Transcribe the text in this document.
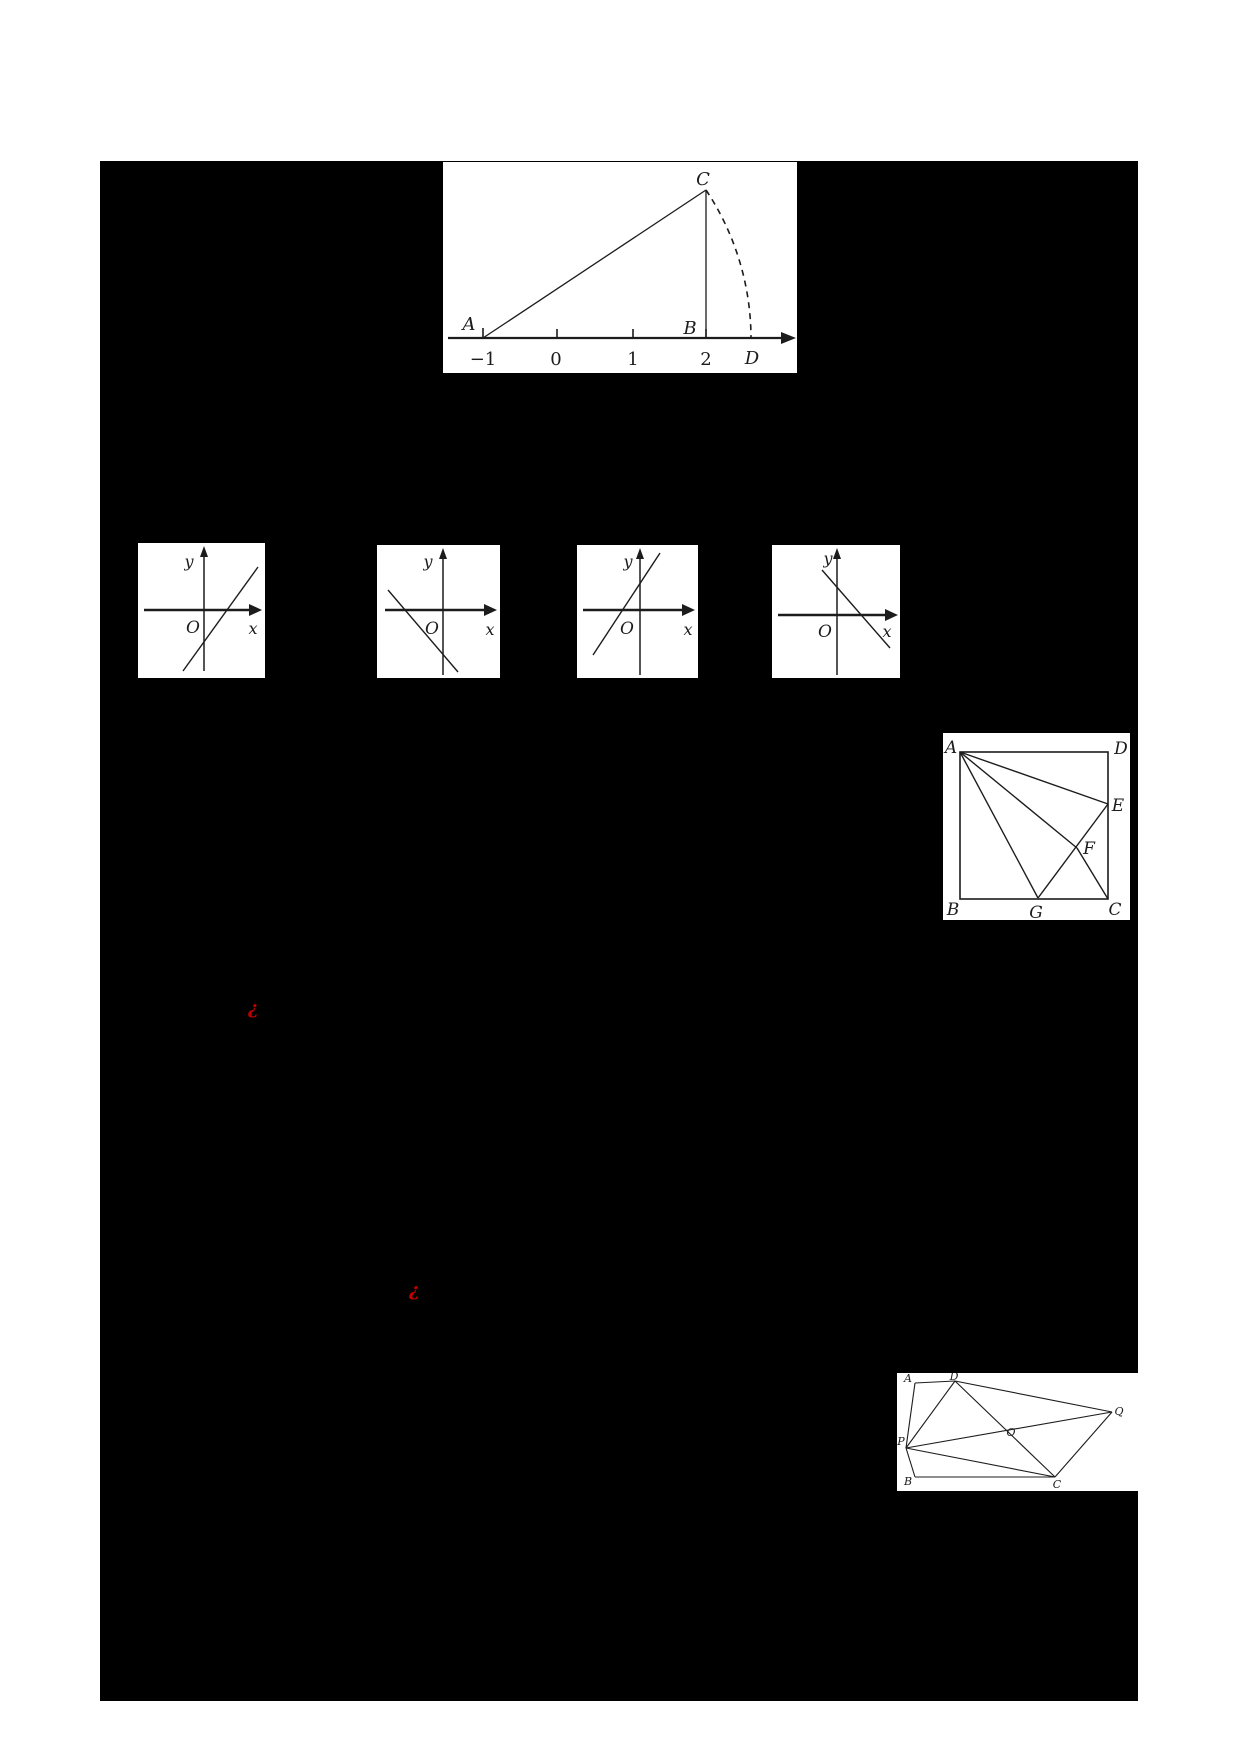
A	B
C
D
−1	0	1	2
y
O	x
y
O	x
y
O	x
y
O	x
A	D
E
F
B	G	C
¿
¿
A	D
Q
P
O
B	C
